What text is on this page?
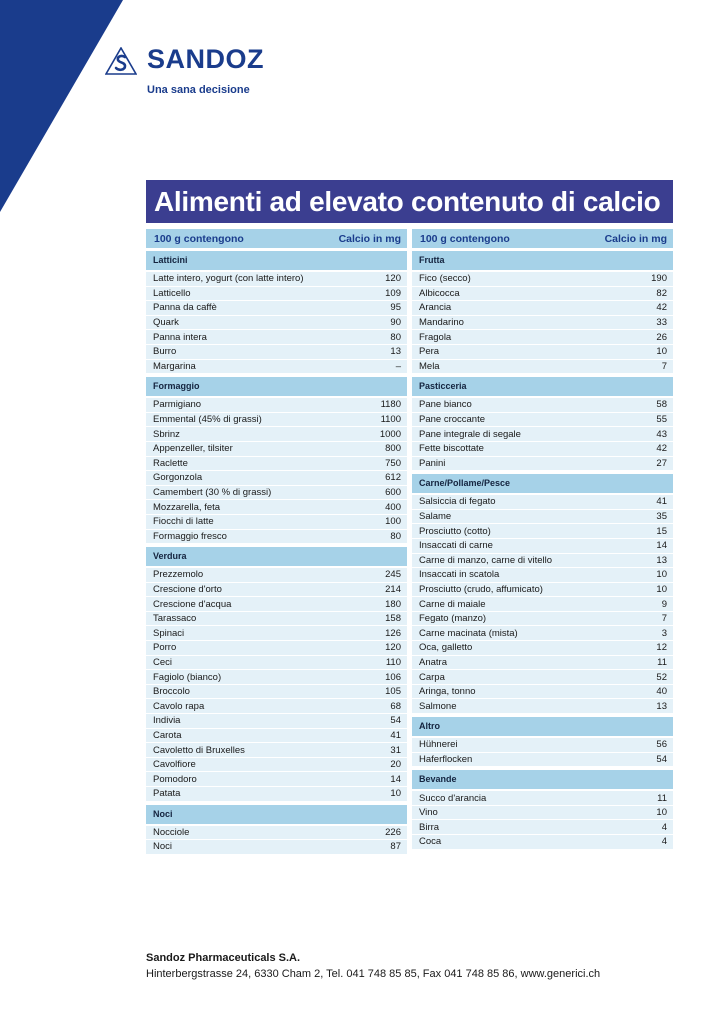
SANDOZ
Una sana decisione
Alimenti ad elevato contenuto di calcio
100 g contengono	Calcio in mg
Latticini
Latte intero, yogurt (con latte intero)	120
Latticello	109
Panna da caffè	95
Quark	90
Panna intera	80
Burro	13
Margarina	–
Formaggio
Parmigiano	1180
Emmental (45% di grassi)	1100
Sbrinz	1000
Appenzeller, tilsiter	800
Raclette	750
Gorgonzola	612
Camembert (30 % di grassi)	600
Mozzarella, feta	400
Fiocchi di latte	100
Formaggio fresco	80
Verdura
Prezzemolo	245
Crescione d'orto	214
Crescione d'acqua	180
Tarassaco	158
Spinaci	126
Porro	120
Ceci	110
Fagiolo (bianco)	106
Broccolo	105
Cavolo rapa	68
Indivia	54
Carota	41
Cavoletto di Bruxelles	31
Cavolfiore	20
Pomodoro	14
Patata	10
Noci
Nocciole	226
Noci	87
100 g contengono	Calcio in mg
Frutta
Fico (secco)	190
Albicocca	82
Arancia	42
Mandarino	33
Fragola	26
Pera	10
Mela	7
Pasticceria
Pane bianco	58
Pane croccante	55
Pane integrale di segale	43
Fette biscottate	42
Panini	27
Carne/Pollame/Pesce
Salsiccia di fegato	41
Salame	35
Prosciutto (cotto)	15
Insaccati di carne	14
Carne di manzo, carne di vitello	13
Insaccati in scatola	10
Prosciutto (crudo, affumicato)	10
Carne di maiale	9
Fegato (manzo)	7
Carne macinata (mista)	3
Oca, galletto	12
Anatra	11
Carpa	52
Aringa, tonno	40
Salmone	13
Altro
Hühnerei	56
Haferflocken	54
Bevande
Succo d'arancia	11
Vino	10
Birra	4
Coca	4
Sandoz Pharmaceuticals S.A.
Hinterbergstrasse 24, 6330 Cham 2, Tel. 041 748 85 85, Fax 041 748 85 86, www.generici.ch
